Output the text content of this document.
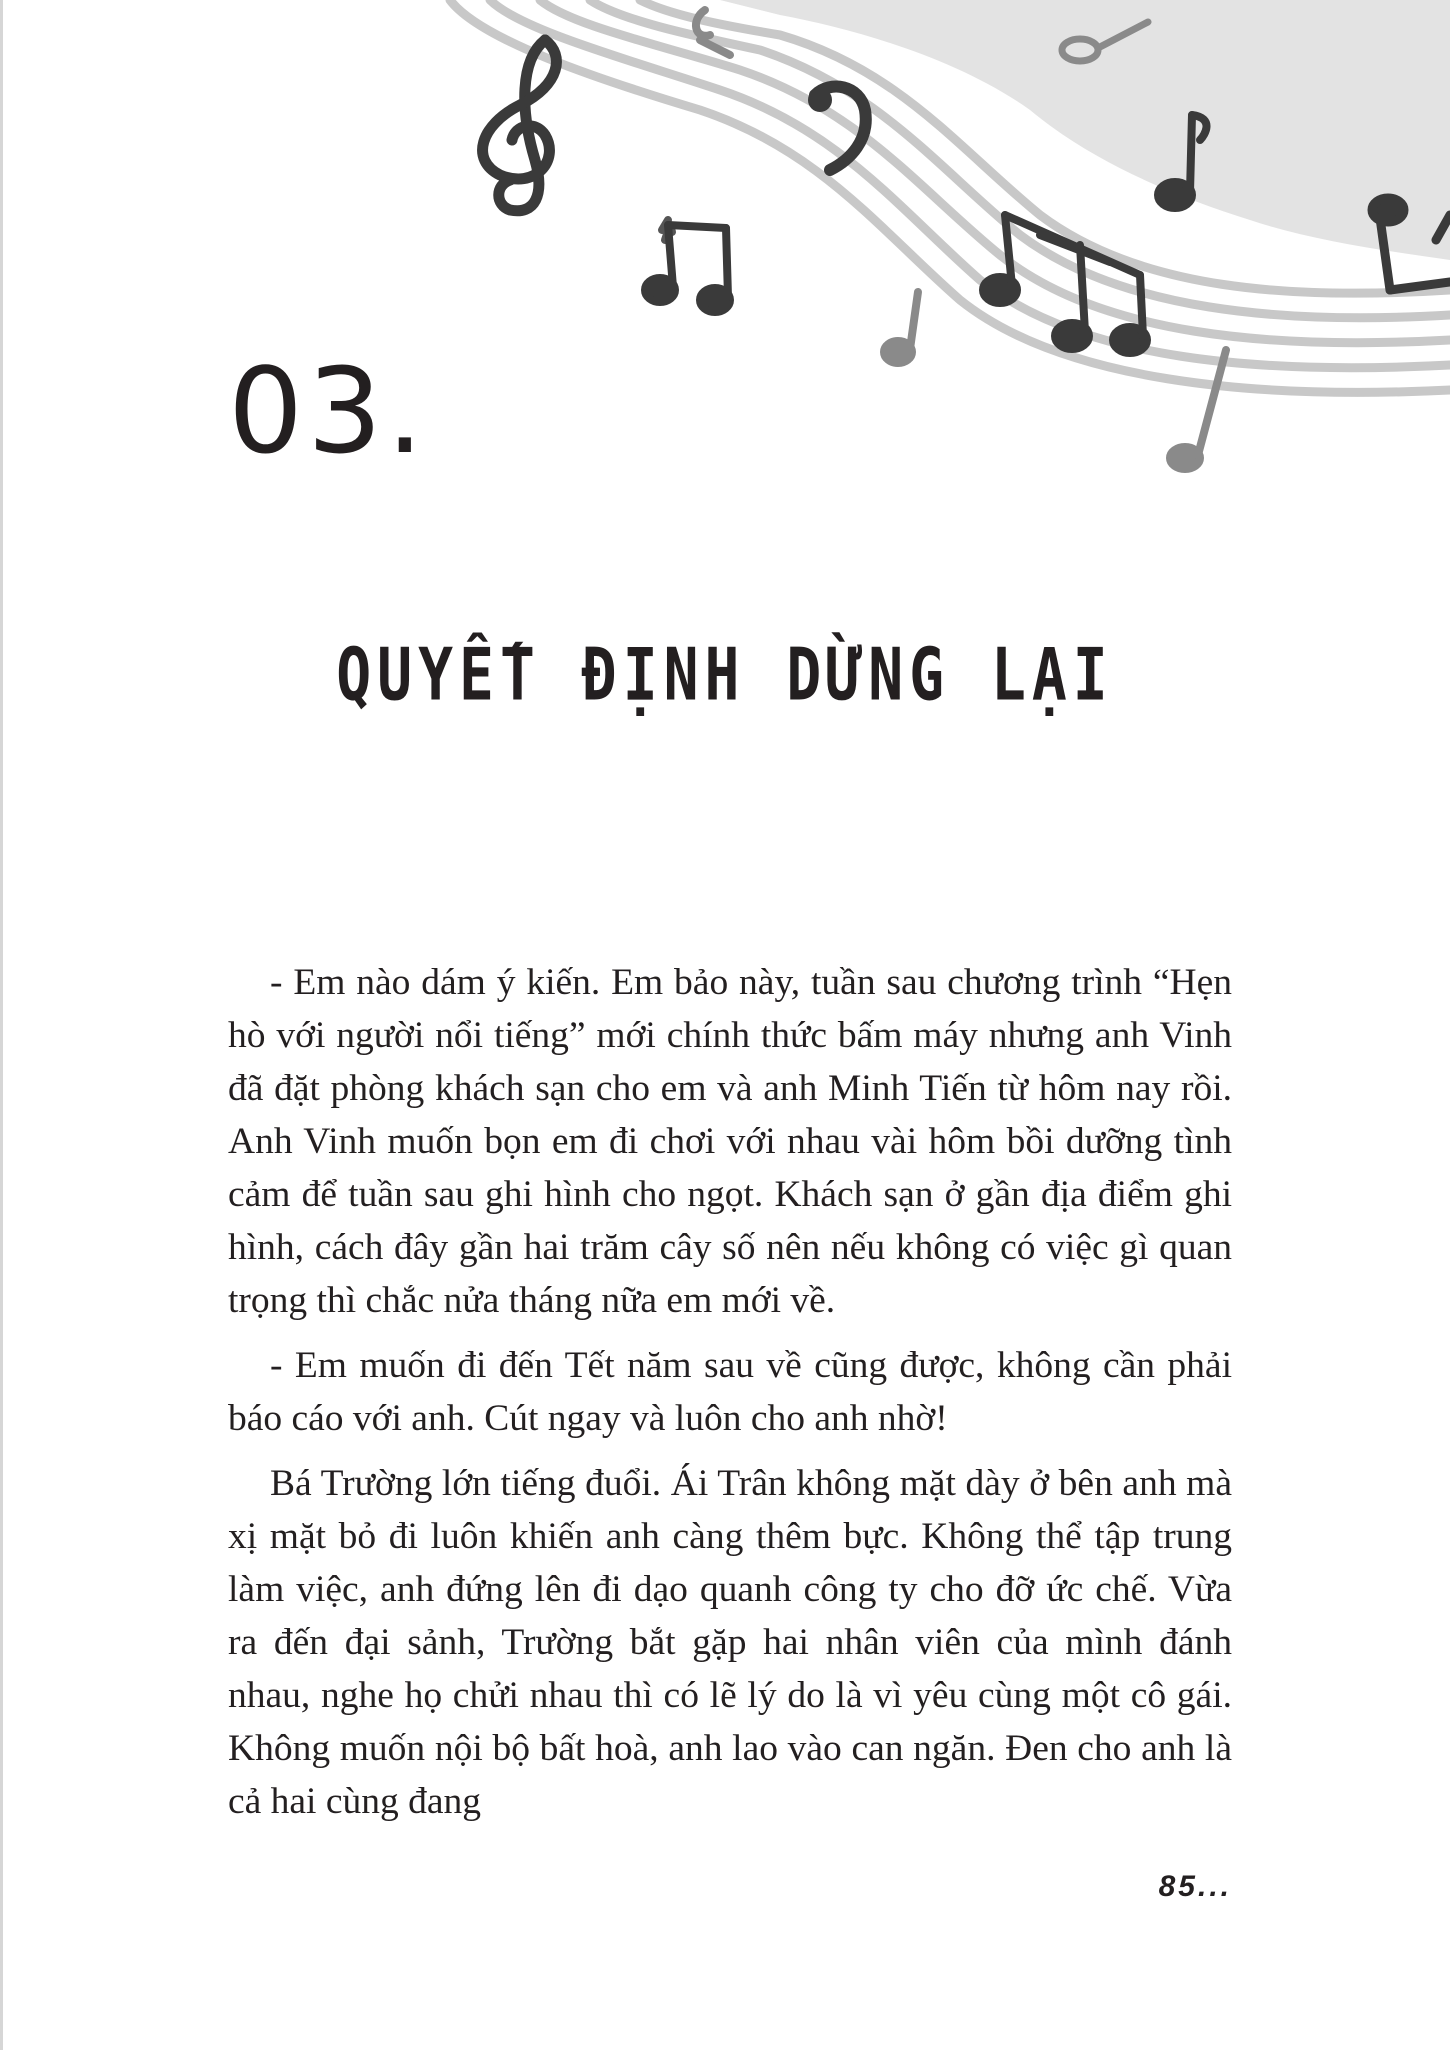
03.
QUYẾT ĐỊNH DỪNG LẠI

- Em nào dám ý kiến. Em bảo này, tuần sau chương trình “Hẹn hò với người nổi tiếng” mới chính thức bấm máy nhưng anh Vinh đã đặt phòng khách sạn cho em và anh Minh Tiến từ hôm nay rồi. Anh Vinh muốn bọn em đi chơi với nhau vài hôm bồi dưỡng tình cảm để tuần sau ghi hình cho ngọt. Khách sạn ở gần địa điểm ghi hình, cách đây gần hai trăm cây số nên nếu không có việc gì quan trọng thì chắc nửa tháng nữa em mới về.

- Em muốn đi đến Tết năm sau về cũng được, không cần phải báo cáo với anh. Cút ngay và luôn cho anh nhờ!

Bá Trường lớn tiếng đuổi. Ái Trân không mặt dày ở bên anh mà xị mặt bỏ đi luôn khiến anh càng thêm bực. Không thể tập trung làm việc, anh đứng lên đi dạo quanh công ty cho đỡ ức chế. Vừa ra đến đại sảnh, Trường bắt gặp hai nhân viên của mình đánh nhau, nghe họ chửi nhau thì có lẽ lý do là vì yêu cùng một cô gái. Không muốn nội bộ bất hoà, anh lao vào can ngăn. Đen cho anh là cả hai cùng đang

85...
